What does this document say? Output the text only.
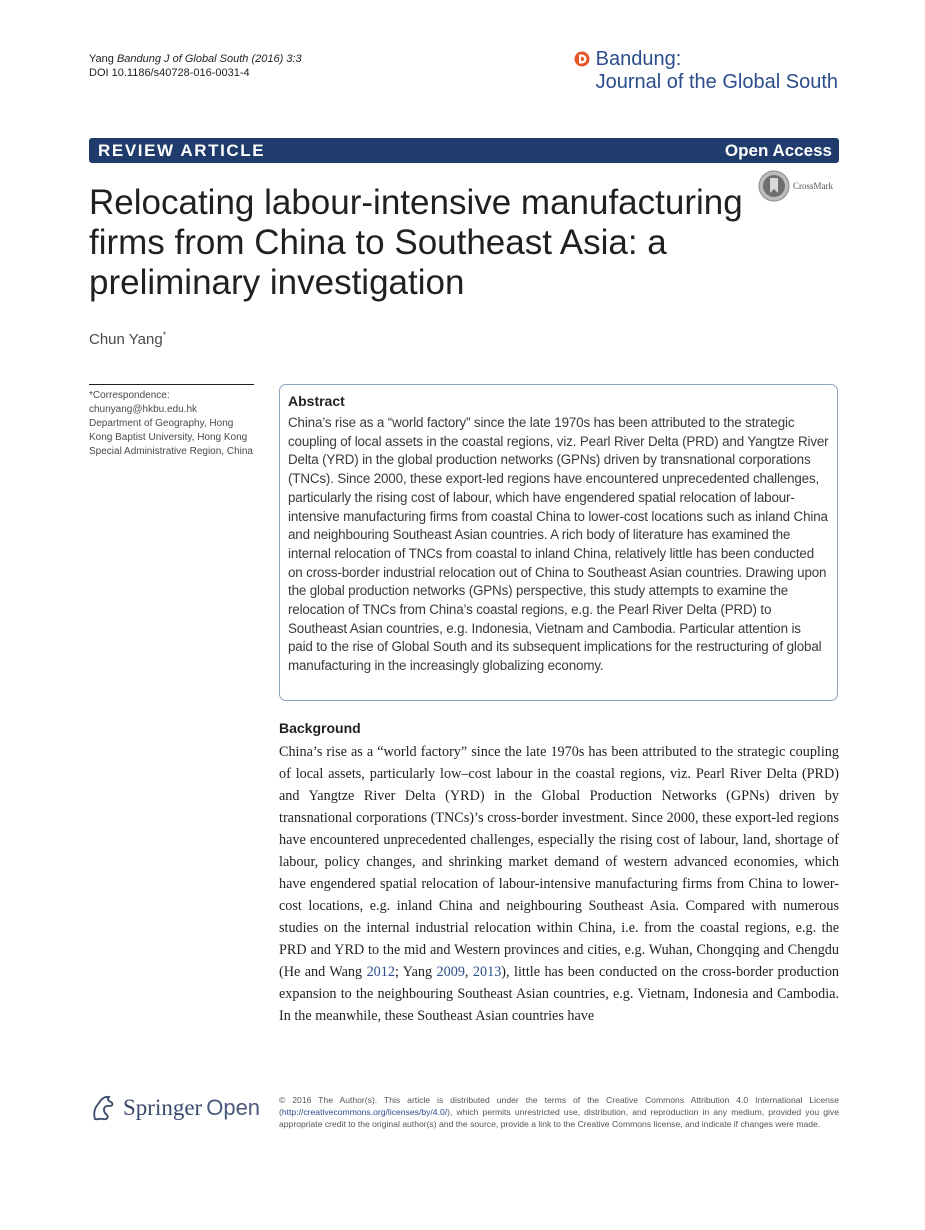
Yang Bandung J of Global South (2016) 3:3
DOI 10.1186/s40728-016-0031-4
Bandung:
Journal of the Global South
REVIEW ARTICLE	Open Access
CrossMark
Relocating labour-intensive manufacturing ﬁrms from China to Southeast Asia: a preliminary investigation
Chun Yang*
*Correspondence:
chunyang@hkbu.edu.hk
Department of Geography, Hong Kong Baptist University, Hong Kong Special Administrative Region, China
Abstract

China’s rise as a “world factory” since the late 1970s has been attributed to the strategic coupling of local assets in the coastal regions, viz. Pearl River Delta (PRD) and Yangtze River Delta (YRD) in the global production networks (GPNs) driven by transnational corporations (TNCs). Since 2000, these export-led regions have encountered unprecedented challenges, particularly the rising cost of labour, which have engendered spatial relocation of labour-intensive manufacturing firms from coastal China to lower-cost locations such as inland China and neighbouring Southeast Asian countries. A rich body of literature has examined the internal relocation of TNCs from coastal to inland China, relatively little has been conducted on cross-border industrial relocation out of China to Southeast Asian countries. Drawing upon the global production networks (GPNs) perspective, this study attempts to examine the relocation of TNCs from China’s coastal regions, e.g. the Pearl River Delta (PRD) to Southeast Asian countries, e.g. Indonesia, Vietnam and Cambodia. Particular attention is paid to the rise of Global South and its subsequent implications for the restructuring of global manufacturing in the increasingly globalizing economy.

Background
China’s rise as a “world factory” since the late 1970s has been attributed to the strategic coupling of local assets, particularly low–cost labour in the coastal regions, viz. Pearl River Delta (PRD) and Yangtze River Delta (YRD) in the Global Production Networks (GPNs) driven by transnational corporations (TNCs)’s cross-border investment. Since 2000, these export-led regions have encountered unprecedented challenges, especially the rising cost of labour, land, shortage of labour, policy changes, and shrinking market demand of western advanced economies, which have engendered spatial relocation of labour-intensive manufacturing firms from China to lower-cost locations, e.g. inland China and neighbouring Southeast Asia. Compared with numerous studies on the internal industrial relocation within China, i.e. from the coastal regions, e.g. the PRD and YRD to the mid and Western provinces and cities, e.g. Wuhan, Chongqing and Chengdu (He and Wang 2012; Yang 2009, 2013), little has been conducted on the cross-border production expansion to the neighbouring Southeast Asian countries, e.g. Vietnam, Indonesia and Cambodia. In the meanwhile, these Southeast Asian countries have
Springer Open © 2016 The Author(s). This article is distributed under the terms of the Creative Commons Attribution 4.0 International License (http://creativecommons.org/licenses/by/4.0/), which permits unrestricted use, distribution, and reproduction in any medium, provided you give appropriate credit to the original author(s) and the source, provide a link to the Creative Commons license, and indicate if changes were made.
